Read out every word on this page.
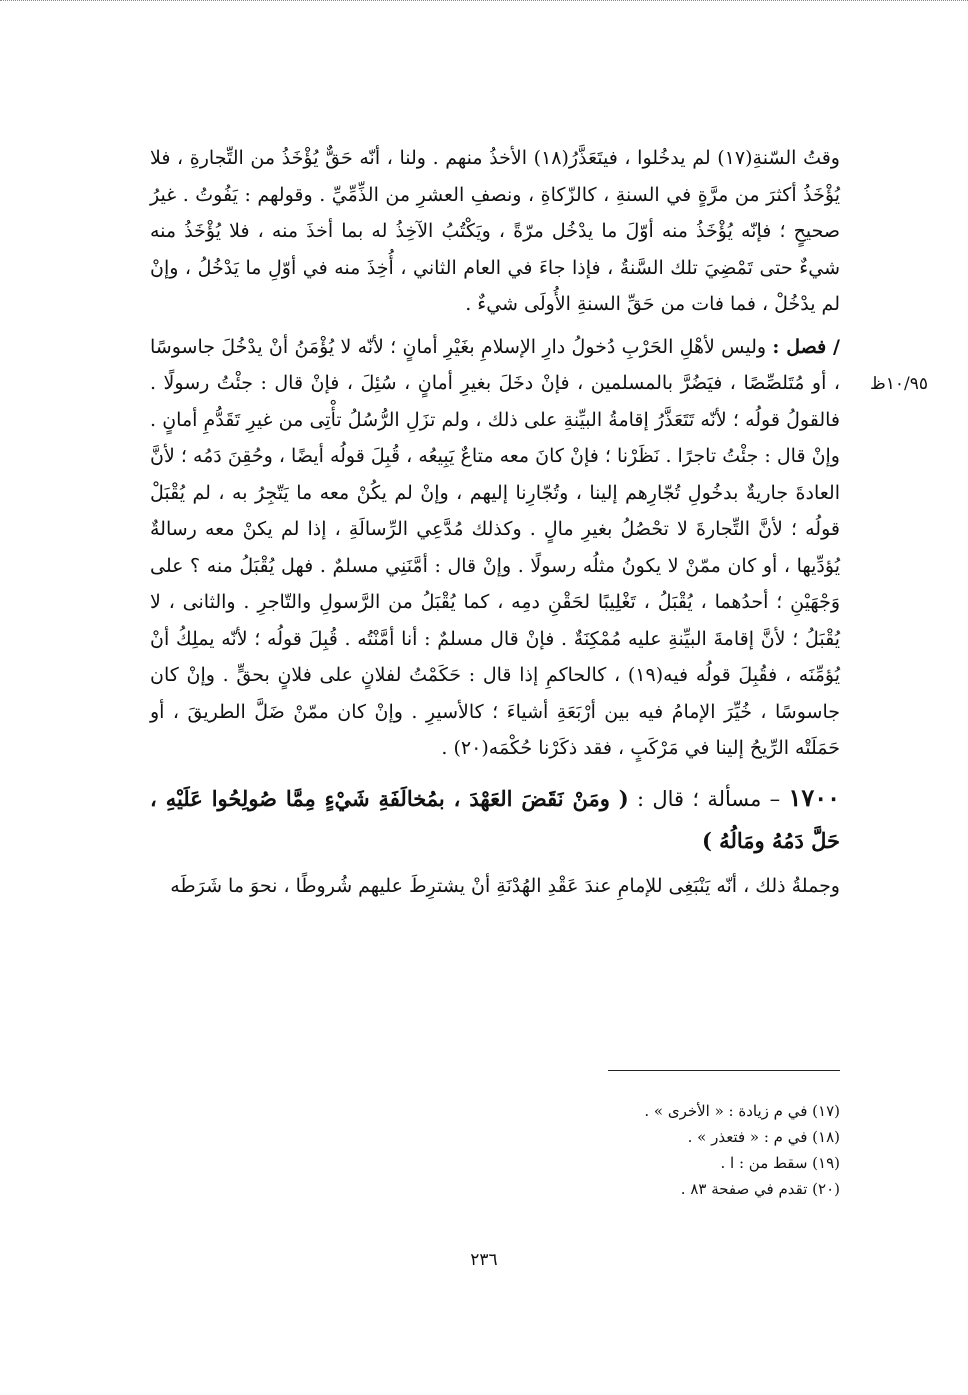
وقتُ السّنةِ(١٧) لم يدخُلوا ، فيتَعَذَّرُ(١٨) الأخذُ منهم . ولنا ، أنّه حَقٌّ يُؤْخَذُ من التِّجارةِ ، فلا يُؤْخَذُ أكثرَ من مرَّةٍ في السنةِ ، كالزّكاةِ ، ونصفِ العشرِ من الذِّمِّيِّ . وقولهم : يَفُوتُ . غيرُ صحيحٍ ؛ فإنّه يُؤْخَذُ منه أوّلَ ما يدْخُل مرّةً ، ويَكْتُبُ الآخِذُ له بما أخذَ منه ، فلا يُؤْخَذُ منه شيءٌ حتى تَمْضِيَ تلك السَّنةُ ، فإذا جاءَ في العام الثاني ، أُخِذَ منه في أوّلِ ما يَدْخُلُ ، وإنْ لم يدْخُلْ ، فما فات من حَقِّ السنةِ الأُولَى شيءٌ .

/ فصل : وليس لأهْلِ الحَرْبِ دُخولُ دارِ الإسلامِ بغَيْرِ أمانٍ ؛ لأنّه لا يُؤْمَنُ أنْ يدْخُلَ جاسوسًا ، أو مُتَلصِّصًا ، فيَضُرَّ بالمسلمين ، فإنْ دخَلَ بغيرِ أمانٍ ، سُئِلَ ، فإنْ قال : جئْتُ رسولًا . فالقولُ قولُه ؛ لأنّه تَتَعَذَّرُ إقامةُ البيِّنةِ على ذلك ، ولم تزَلِ الرُّسُلُ تأْتِى من غيرِ تَقَدُّمِ أمانٍ . وإنْ قال : جئْتُ تاجرًا . نَظَرْنا ؛ فإنْ كانَ معه متاعٌ يَبِيعُه ، قُبِلَ قولُه أيضًا ، وحُقِنَ دَمُه ؛ لأنَّ العادةَ جاريةٌ بدخُولِ تُجّارِهم إلينا ، وتُجّارِنا إليهم ، وإنْ لم يكُنْ معه ما يَتّجِرُ به ، لم يُقْبَلْ قولُه ؛ لأنَّ التِّجارةَ لا تحْصُلُ بغيرِ مالٍ . وكذلك مُدَّعِي الرِّسالَةِ ، إذا لم يكنْ معه رسالةٌ يُؤدِّيها ، أو كان ممّنْ لا يكونُ مثلُه رسولًا . وإنْ قال : أمَّنَنِي مسلمٌ . فهل يُقْبَلُ منه ؟ على وَجْهَيْنِ ؛ أحدُهما ، يُقْبَلُ ، تَغْلِيبًا لحَقْنِ دمِه ، كما يُقْبَلُ من الرَّسولِ والتّاجرِ . والثانى ، لا يُقْبَلُ ؛ لأنَّ إقامةَ البيِّنةِ عليه مُمْكِنَةٌ . فإنْ قال مسلمٌ : أنا أمَّنْتُه . قُبِلَ قولُه ؛ لأنّه يملِكُ أنْ يُؤمِّنَه ، فقُبِلَ قولُه فيه(١٩) ، كالحاكمِ إذا قال : حَكَمْتُ لفلانٍ على فلانٍ بحقٍّ . وإنْ كان جاسوسًا ، خُيِّرَ الإمامُ فيه بين أرْبَعَةِ أشياءَ ؛ كالأسيرِ . وإنْ كان ممّنْ ضَلَّ الطريقَ ، أو حَمَلَتْه الرِّيحُ إلينا في مَرْكَبٍ ، فقد ذكَرْنا حُكْمَه(٢٠) .

١٧٠٠ – مسألة ؛ قال : ( ومَنْ نَقَضَ العَهْدَ ، بمُخالَفَةِ شَيْءٍ مِمَّا صُولِحُوا عَلَيْهِ ، حَلَّ دَمُهُ ومَالُهُ )

وجملةُ ذلك ، أنّه يَنْبَغِى للإمامِ عندَ عَقْدِ الهُدْنَةِ أنْ يشترِطَ عليهم شُروطًا ، نحوَ ما شَرَطَه

١٠/٩٥ظ

(١٧) في م زيادة : « الأخرى » .

(١٨) في م : « فتعذر » .

(١٩) سقط من : ا .

(٢٠) تقدم في صفحة ٨٣ .

٢٣٦
